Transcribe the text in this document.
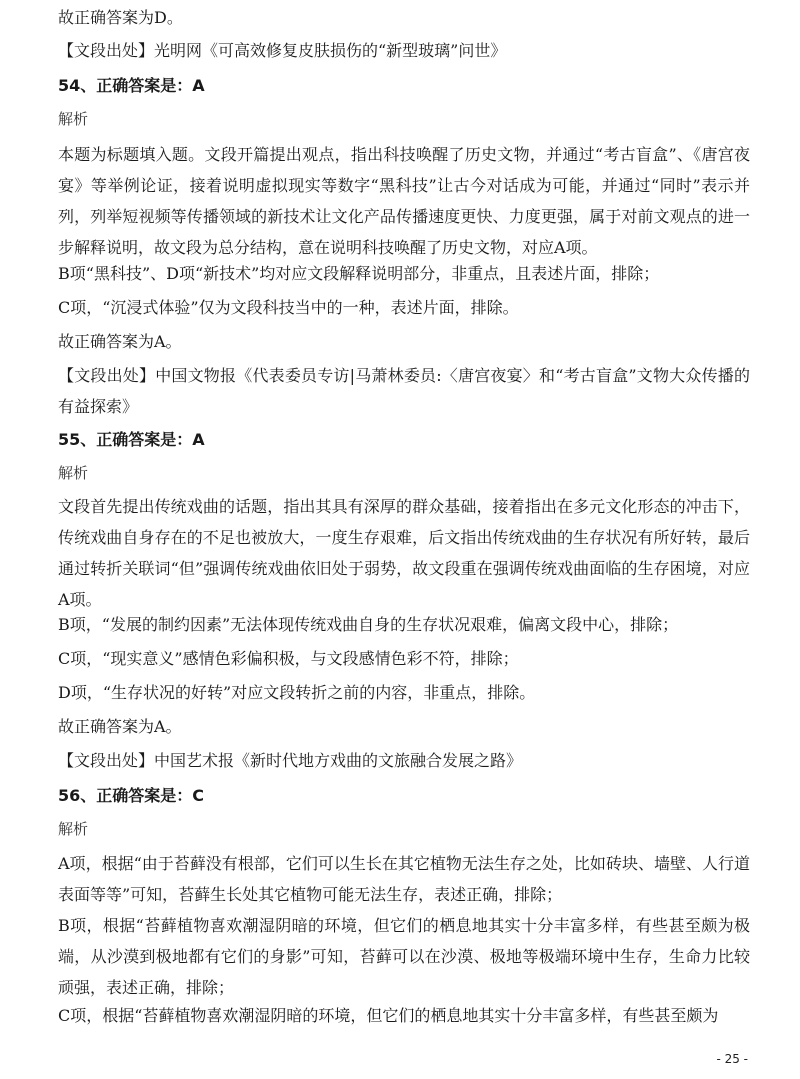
故正确答案为D。
【文段出处】光明网《可高效修复皮肤损伤的“新型玻璃”问世》
54、正确答案是：A
解析
本题为标题填入题。文段开篇提出观点，指出科技唤醒了历史文物，并通过“考古盲盒”、《唐宫夜宴》等举例论证，接着说明虚拟现实等数字“黑科技”让古今对话成为可能，并通过“同时”表示并列，列举短视频等传播领域的新技术让文化产品传播速度更快、力度更强，属于对前文观点的进一步解释说明，故文段为总分结构，意在说明科技唤醒了历史文物，对应A项。
B项“黑科技”、D项“新技术”均对应文段解释说明部分，非重点，且表述片面，排除；
C项，“沉浸式体验”仅为文段科技当中的一种，表述片面，排除。
故正确答案为A。
【文段出处】中国文物报《代表委员专访|马萧林委员:〈唐宫夜宴〉和“考古盲盒”文物大众传播的有益探索》
55、正确答案是：A
解析
文段首先提出传统戏曲的话题，指出其具有深厚的群众基础，接着指出在多元文化形态的冲击下，传统戏曲自身存在的不足也被放大，一度生存艰难，后文指出传统戏曲的生存状况有所好转，最后通过转折关联词“但”强调传统戏曲依旧处于弱势，故文段重在强调传统戏曲面临的生存困境，对应A项。
B项，“发展的制约因素”无法体现传统戏曲自身的生存状况艰难，偏离文段中心，排除；
C项，“现实意义”感情色彩偏积极，与文段感情色彩不符，排除；
D项，“生存状况的好转”对应文段转折之前的内容，非重点，排除。
故正确答案为A。
【文段出处】中国艺术报《新时代地方戏曲的文旅融合发展之路》
56、正确答案是：C
解析
A项，根据“由于苔藓没有根部，它们可以生长在其它植物无法生存之处，比如砖块、墙壁、人行道表面等等”可知，苔藓生长处其它植物可能无法生存，表述正确，排除；
B项，根据“苔藓植物喜欢潮湿阴暗的环境，但它们的栖息地其实十分丰富多样，有些甚至颇为极端，从沙漠到极地都有它们的身影”可知，苔藓可以在沙漠、极地等极端环境中生存，生命力比较顽强，表述正确，排除；
C项，根据“苔藓植物喜欢潮湿阴暗的环境，但它们的栖息地其实十分丰富多样，有些甚至颇为
- 25 -
